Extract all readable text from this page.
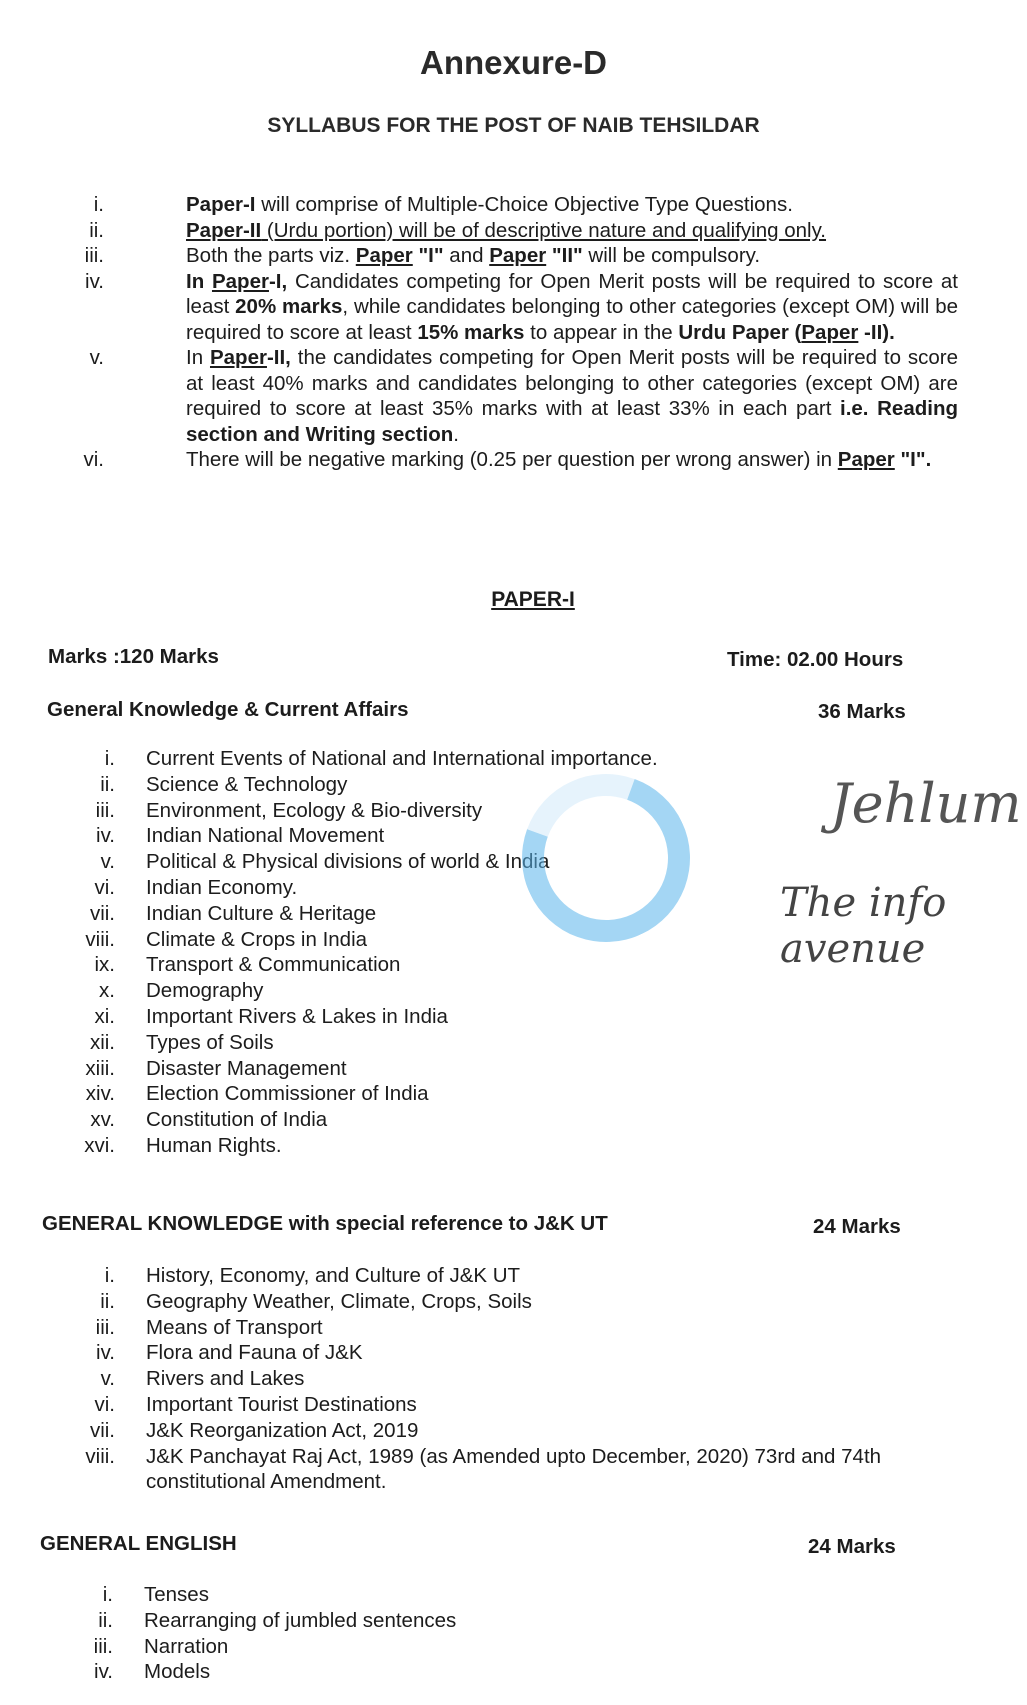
Annexure-D
SYLLABUS FOR THE POST OF NAIB TEHSILDAR
i.	Paper-I will comprise of Multiple-Choice Objective Type Questions.
ii.	Paper-II (Urdu portion) will be of descriptive nature and qualifying only.
iii.	Both the parts viz. Paper "I" and Paper "II" will be compulsory.
iv.	In Paper-I, Candidates competing for Open Merit posts will be required to score at least 20% marks, while candidates belonging to other categories (except OM) will be required to score at least 15% marks to appear in the Urdu Paper (Paper -II).
v.	In Paper-II, the candidates competing for Open Merit posts will be required to score at least 40% marks and candidates belonging to other categories (except OM) are required to score at least 35% marks with at least 33% in each part i.e. Reading section and Writing section.
vi.	There will be negative marking (0.25 per question per wrong answer) in Paper "I".
PAPER-I
Marks :120 Marks	Time: 02.00 Hours
General Knowledge & Current Affairs	36 Marks
i. Current Events of National and International importance.
ii. Science & Technology
iii. Environment, Ecology & Bio-diversity
iv. Indian National Movement
v. Political & Physical divisions of world & India
vi. Indian Economy.
vii. Indian Culture & Heritage
viii. Climate & Crops in India
ix. Transport & Communication
x. Demography
xi. Important Rivers & Lakes in India
xii. Types of Soils
xiii. Disaster Management
xiv. Election Commissioner of India
xv. Constitution of India
xvi. Human Rights.
GENERAL KNOWLEDGE with special reference to J&K UT	24 Marks
i. History, Economy, and Culture of J&K UT
ii. Geography Weather, Climate, Crops, Soils
iii. Means of Transport
iv. Flora and Fauna of J&K
v. Rivers and Lakes
vi. Important Tourist Destinations
vii. J&K Reorganization Act, 2019
viii. J&K Panchayat Raj Act, 1989 (as Amended upto December, 2020) 73rd and 74th constitutional Amendment.
GENERAL ENGLISH	24 Marks
i. Tenses
ii. Rearranging of jumbled sentences
iii. Narration
iv. Models
Jehlum
The info avenue
